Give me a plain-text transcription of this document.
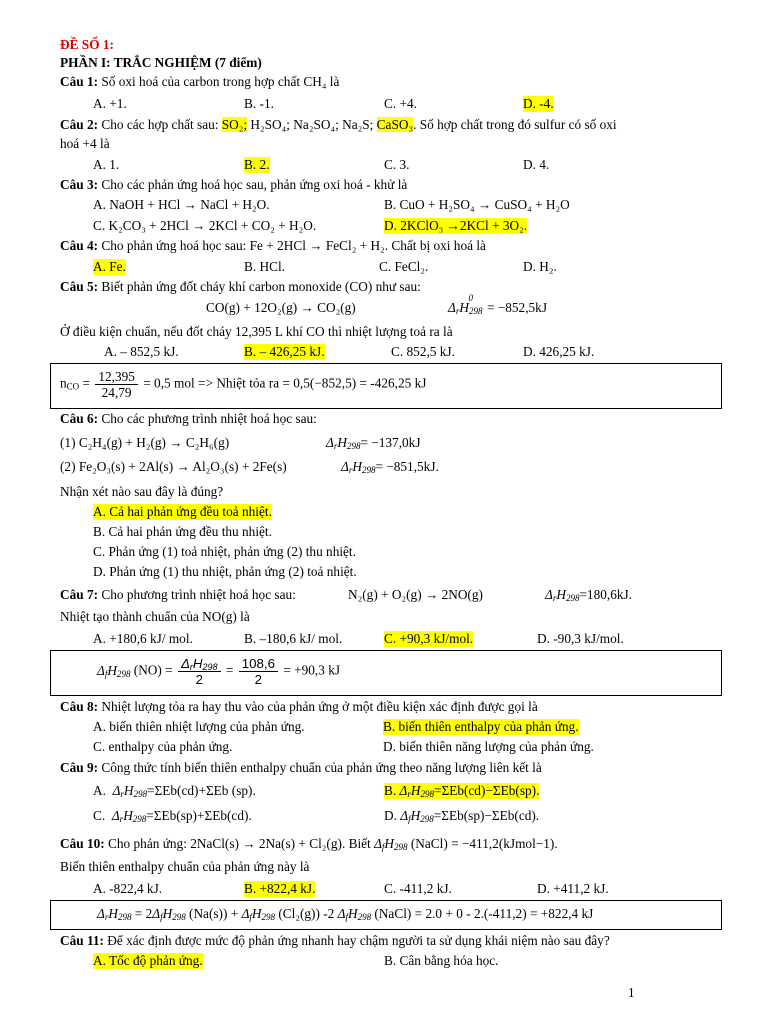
ĐỀ SỐ 1:
PHẦN I: TRẮC NGHIỆM (7 điểm)
Câu 1: Số oxi hoá của carbon trong hợp chất CH₄ là
A. +1.	B. -1.	C. +4.	D. -4.
Câu 2: Cho các hợp chất sau: SO₂; H₂SO₄; Na₂SO₄; Na₂S; CaSO₃. Số hợp chất trong đó sulfur có số oxi
hoá +4 là
A. 1.	B. 2.	C. 3.	D. 4.
Câu 3: Cho các phản ứng hoá học sau, phản ứng oxi hoá - khử là
A. NaOH + HCl → NaCl + H₂O.	B. CuO + H₂SO₄ → CuSO₄ + H₂O
C. K₂CO₃ + 2HCl → 2KCl + CO₂ + H₂O.	D. 2KClO₃ →2KCl + 3O₂.
Câu 4: Cho phản ứng hoá học sau: Fe + 2HCl → FeCl₂ + H₂. Chất bị oxi hoá là
A. Fe.	B. HCl.	C. FeCl₂.	D. H₂.
Câu 5: Biết phản ứng đốt cháy khí carbon monoxide (CO) như sau:
CO(g) + 12O₂(g) → CO₂(g)	$\Delta_rH_{298}^0= -852,5kJ$
Ở điều kiện chuẩn, nếu đốt cháy 12,395 L khí CO thì nhiệt lượng toả ra là
A. – 852,5 kJ.	B. – 426,25 kJ.	C. 852,5 kJ.	D. 426,25 kJ.
$n_{CO} = \frac{12,395}{24,79} = 0,5$ mol => Nhiệt tỏa ra = 0,5(−852,5) = -426,25 kJ
Câu 6: Cho các phương trình nhiệt hoá học sau:
(1) C₂H₄(g) + H₂(g) → C₂H₆(g)	$\Delta_rH_{298}= -137,0kJ$
(2) Fe₂O₃(s) + 2Al(s) → Al₂O₃(s) + 2Fe(s)	$\Delta_rH_{298}= -851,5kJ$.
Nhận xét nào sau đây là đúng?
A. Cả hai phản ứng đều toả nhiệt.
B. Cả hai phản ứng đều thu nhiệt.
C. Phản ứng (1) toả nhiệt, phản ứng (2) thu nhiệt.
D. Phản ứng (1) thu nhiệt, phản ứng (2) toả nhiệt.
Câu 7: Cho phương trình nhiệt hoá học sau:	N₂(g) + O₂(g) → 2NO(g)	$\Delta_rH_{298}=180,6kJ$.
Nhiệt tạo thành chuẩn của NO(g) là
A. +180,6 kJ/ mol.	B. –180,6 kJ/ mol.	C. +90,3 kJ/mol.	D. -90,3 kJ/mol.
$\Delta_fH_{298}$ $(NO) = \frac{\Delta_rH_{298}}{2} = \frac{108,6}{2} = +90,3$ kJ
Câu 8: Nhiệt lượng tỏa ra hay thu vào của phản ứng ở một điều kiện xác định được gọi là
A. biến thiên nhiệt lượng của phản ứng.	B. biến thiên enthalpy của phản ứng.
C. enthalpy của phản ứng.	D. biến thiên năng lượng của phản ứng.
Câu 9: Công thức tính biến thiên enthalpy chuẩn của phản ứng theo năng lượng liên kết là
A. $\Delta_rH_{298}=\Sigma Eb(cd)+\Sigma Eb$ (sp).	B. $\Delta_rH_{298}=\Sigma Eb(cd)-\Sigma Eb(sp)$.
C. $\Delta_rH_{298}=\Sigma Eb(sp)+\Sigma Eb(cd)$.	D. $\Delta_fH_{298}=\Sigma Eb(sp)-\Sigma Eb(cd)$.
Câu 10: Cho phản ứng: 2NaCl(s) → 2Na(s) + Cl₂(g). Biết $\Delta_fH_{298}$ (NaCl) = −411,2(kJmol−1).
Biến thiên enthalpy chuẩn của phản ứng này là
A. -822,4 kJ.	B. +822,4 kJ.	C. -411,2 kJ.	D. +411,2 kJ.
$\Delta_rH_{298} = 2\Delta_fH_{298}$ $(Na(s)) + \Delta_fH_{298}$ (Cl₂(g)) -2 $\Delta_fH_{298}$ (NaCl) = 2.0 + 0 - 2.(-411,2) = +822,4 kJ
Câu 11: Để xác định được mức độ phản ứng nhanh hay chậm người ta sử dụng khái niệm nào sau đây?
A. Tốc độ phản ứng.	B. Cân bằng hóa học.
1
